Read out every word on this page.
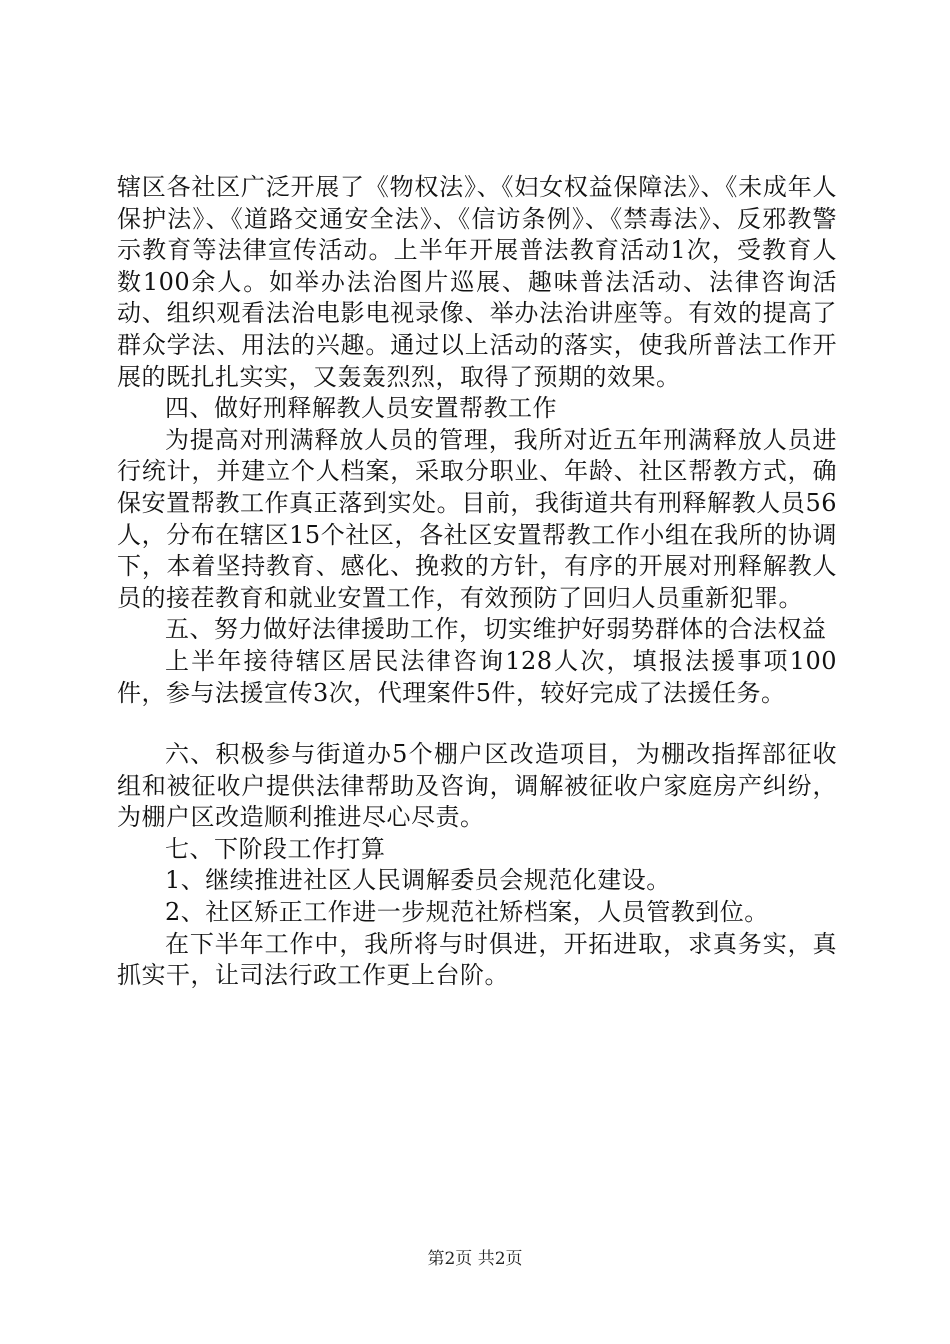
辖区各社区广泛开展了《物权法》、《妇女权益保障法》、《未成年人保护法》、《道路交通安全法》、《信访条例》、《禁毒法》、反邪教警示教育等法律宣传活动。上半年开展普法教育活动1次，受教育人数100余人。如举办法治图片巡展、趣味普法活动、法律咨询活动、组织观看法治电影电视录像、举办法治讲座等。有效的提高了群众学法、用法的兴趣。通过以上活动的落实，使我所普法工作开展的既扎扎实实，又轰轰烈烈，取得了预期的效果。

四、做好刑释解教人员安置帮教工作

为提高对刑满释放人员的管理，我所对近五年刑满释放人员进行统计，并建立个人档案，采取分职业、年龄、社区帮教方式，确保安置帮教工作真正落到实处。目前，我街道共有刑释解教人员56人，分布在辖区15个社区，各社区安置帮教工作小组在我所的协调下，本着坚持教育、感化、挽救的方针，有序的开展对刑释解教人员的接茬教育和就业安置工作，有效预防了回归人员重新犯罪。

五、努力做好法律援助工作，切实维护好弱势群体的合法权益

上半年接待辖区居民法律咨询128人次，填报法援事项100件，参与法援宣传3次，代理案件5件，较好完成了法援任务。

六、积极参与街道办5个棚户区改造项目，为棚改指挥部征收组和被征收户提供法律帮助及咨询，调解被征收户家庭房产纠纷，为棚户区改造顺利推进尽心尽责。

七、下阶段工作打算

1、继续推进社区人民调解委员会规范化建设。

2、社区矫正工作进一步规范社矫档案，人员管教到位。

在下半年工作中，我所将与时俱进，开拓进取，求真务实，真抓实干，让司法行政工作更上台阶。

第2页 共2页
